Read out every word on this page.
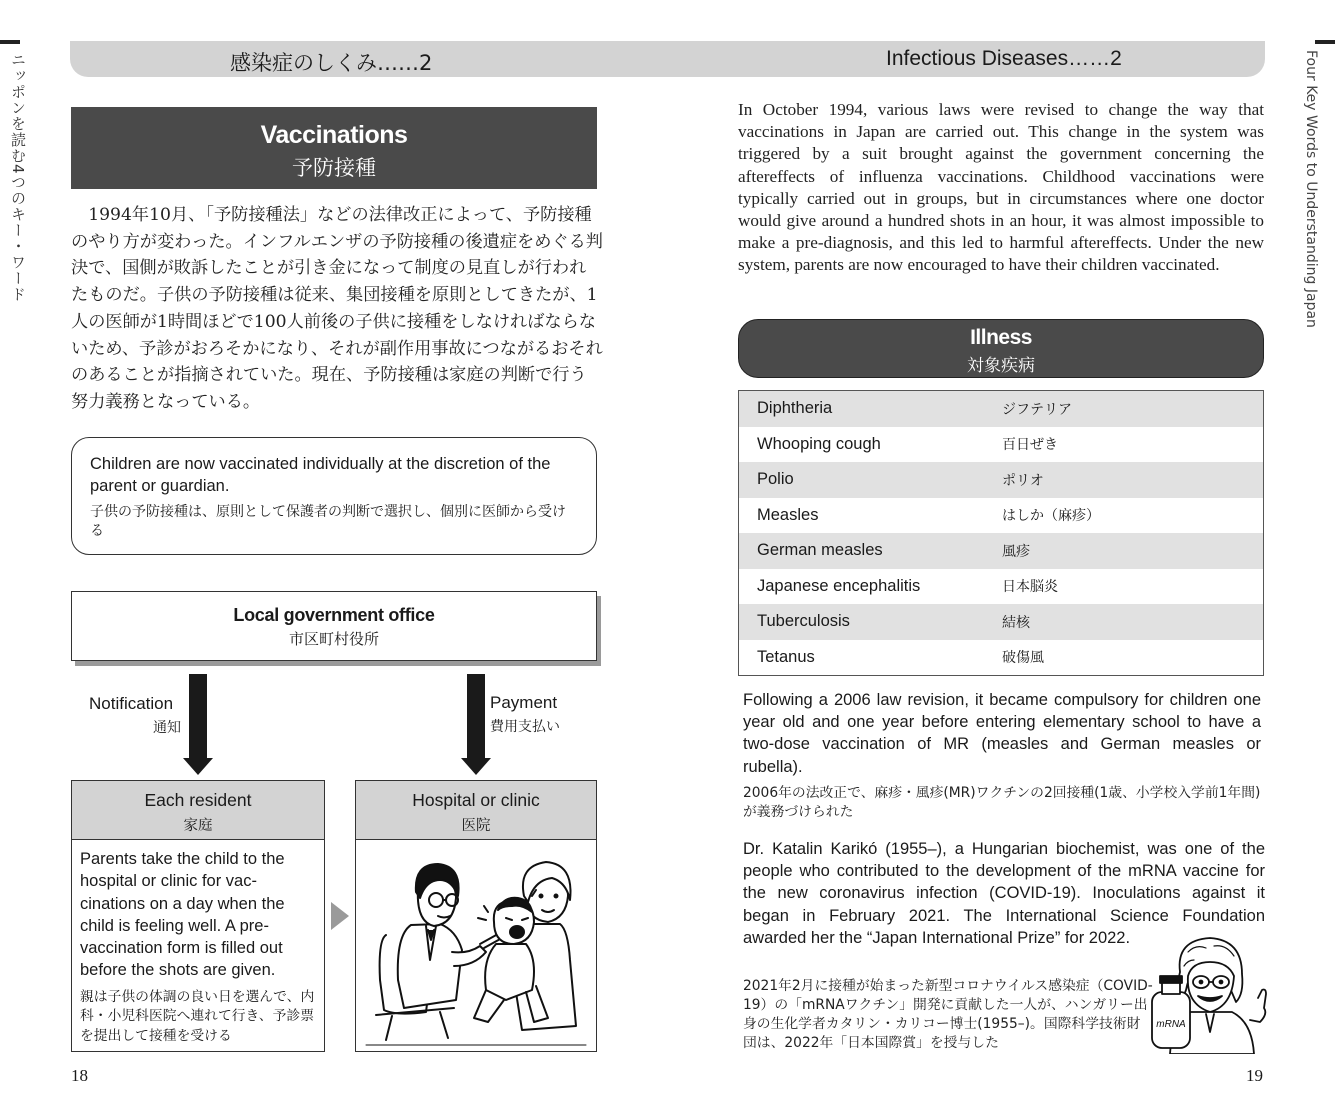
ニッポンを読む4つのキー・ワード	Four Key Words to Understanding Japan
感染症のしくみ……2	Infectious Diseases……2
Vaccinations
予防接種
1994年10月、「予防接種法」などの法律改正によって、予防接種のやり方が変わった。インフルエンザの予防接種の後遺症をめぐる判決で、国側が敗訴したことが引き金になって制度の見直しが行われたものだ。子供の予防接種は従来、集団接種を原則としてきたが、1人の医師が1時間ほどで100人前後の子供に接種をしなければならないため、予診がおろそかになり、それが副作用事故につながるおそれのあることが指摘されていた。現在、予防接種は家庭の判断で行う努力義務となっている。
Children are now vaccinated individually at the discretion of the parent or guardian.
子供の予防接種は、原則として保護者の判断で選択し、個別に医師から受ける
Local government office
市区町村役所
Notification
通知
Payment
費用支払い
Each resident
家庭
Parents take the child to the hospital or clinic for vaccinations on a day when the child is feeling well. A prevaccination form is filled out before the shots are given.
親は子供の体調の良い日を選んで、内科・小児科医院へ連れて行き、予診票を提出して接種を受ける
Hospital or clinic
医院
18
In October 1994, various laws were revised to change the way that vaccinations in Japan are carried out. This change in the system was triggered by a suit brought against the government concerning the aftereffects of influenza vaccinations. Childhood vaccinations were typically carried out in groups, but in circumstances where one doctor would give around a hundred shots in an hour, it was almost impossible to make a pre-diagnosis, and this led to harmful aftereffects. Under the new system, parents are now encouraged to have their children vaccinated.
Illness
対象疾病
Diphtheria	ジフテリア
Whooping cough	百日ぜき
Polio	ポリオ
Measles	はしか（麻疹）
German measles	風疹
Japanese encephalitis	日本脳炎
Tuberculosis	結核
Tetanus	破傷風
Following a 2006 law revision, it became compulsory for children one year old and one year before entering elementary school to have a two-dose vaccination of MR (measles and German measles or rubella).
2006年の法改正で、麻疹・風疹(MR)ワクチンの2回接種(1歳、小学校入学前1年間)が義務づけられた
Dr. Katalin Karikó (1955–), a Hungarian biochemist, was one of the people who contributed to the development of the mRNA vaccine for the new coronavirus infection (COVID-19). Inoculations against it began in February 2021. The International Science Foundation awarded her the “Japan International Prize” for 2022.
2021年2月に接種が始まった新型コロナウイルス感染症（COVID-19）の「mRNAワクチン」開発に貢献した一人が、ハンガリー出身の生化学者カタリン・カリコー博士(1955–)。国際科学技術財団は、2022年「日本国際賞」を授与した
mRNA
19
